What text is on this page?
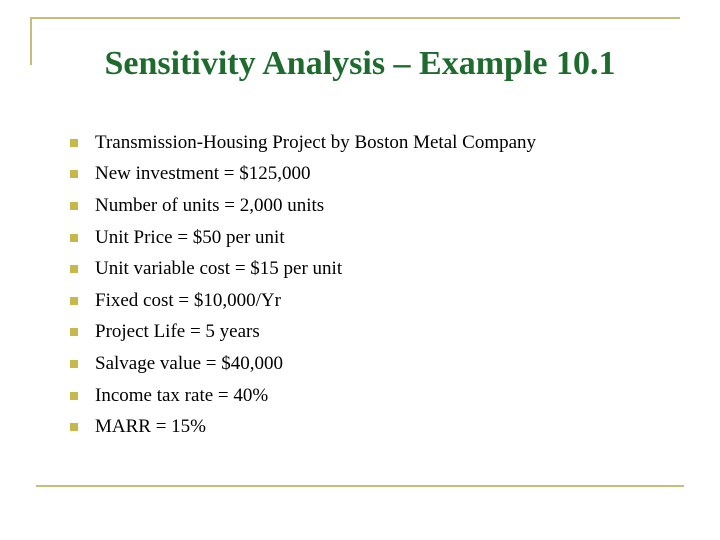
Sensitivity Analysis – Example 10.1
Transmission-Housing Project by Boston Metal Company
New investment = $125,000
Number of units = 2,000 units
Unit Price = $50 per unit
Unit variable cost = $15 per unit
Fixed cost = $10,000/Yr
Project Life = 5 years
Salvage value = $40,000
Income tax rate = 40%
MARR = 15%
